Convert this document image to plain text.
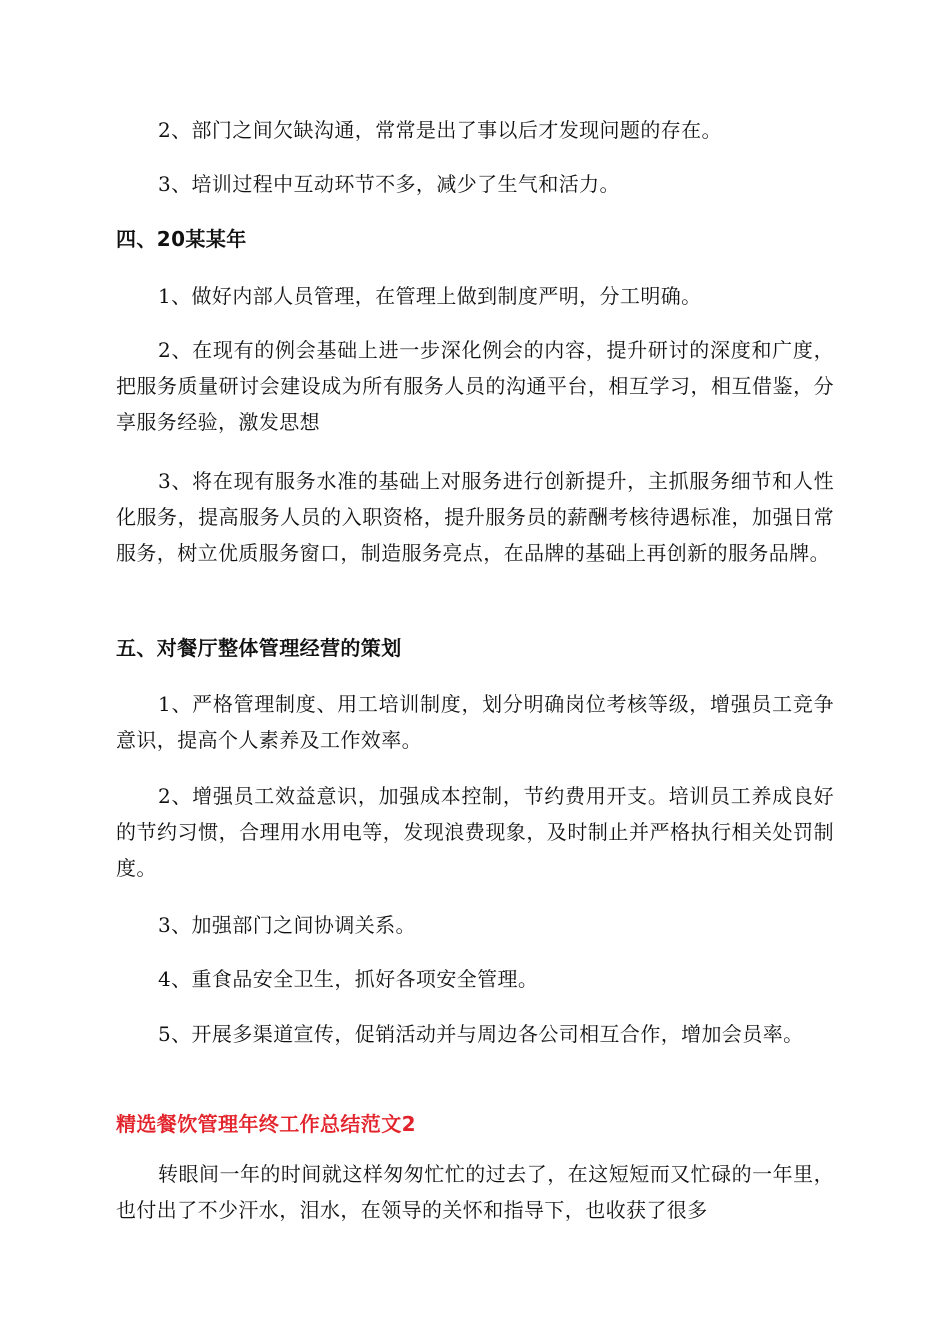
2、部门之间欠缺沟通，常常是出了事以后才发现问题的存在。

3、培训过程中互动环节不多，减少了生气和活力。

四、20某某年

1、做好内部人员管理，在管理上做到制度严明，分工明确。

2、在现有的例会基础上进一步深化例会的内容，提升研讨的深度和广度，把服务质量研讨会建设成为所有服务人员的沟通平台，相互学习，相互借鉴，分享服务经验，激发思想

3、将在现有服务水准的基础上对服务进行创新提升，主抓服务细节和人性化服务，提高服务人员的入职资格，提升服务员的薪酬考核待遇标准，加强日常服务，树立优质服务窗口，制造服务亮点，在品牌的基础上再创新的服务品牌。

五、对餐厅整体管理经营的策划

1、严格管理制度、用工培训制度，划分明确岗位考核等级，增强员工竞争意识，提高个人素养及工作效率。

2、增强员工效益意识，加强成本控制，节约费用开支。培训员工养成良好的节约习惯，合理用水用电等，发现浪费现象，及时制止并严格执行相关处罚制度。

3、加强部门之间协调关系。

4、重食品安全卫生，抓好各项安全管理。

5、开展多渠道宣传，促销活动并与周边各公司相互合作，增加会员率。

精选餐饮管理年终工作总结范文2

转眼间一年的时间就这样匆匆忙忙的过去了，在这短短而又忙碌的一年里，也付出了不少汗水，泪水，在领导的关怀和指导下，也收获了很多
